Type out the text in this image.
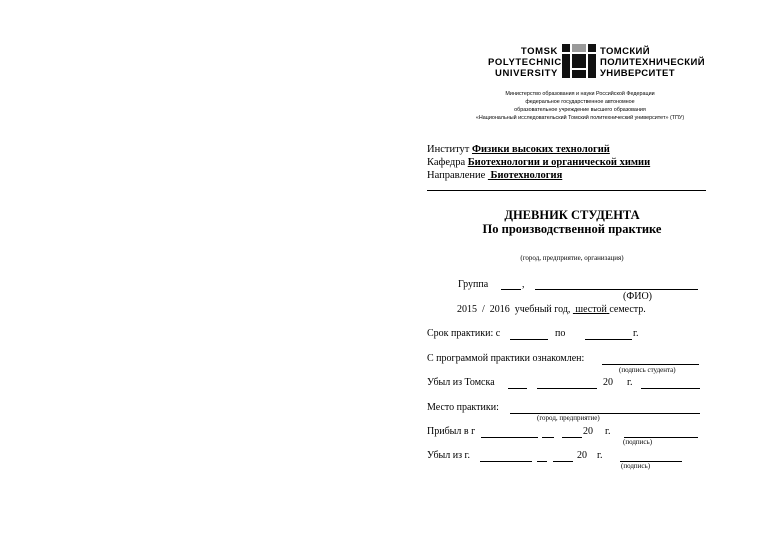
TOMSK
POLYTECHNIC
UNIVERSITY
ТОМСКИЙ
ПОЛИТЕХНИЧЕСКИЙ
УНИВЕРСИТЕТ
Министерство образования и науки Российской Федерации
федеральное государственное автономное
образовательное учреждение высшего образования
«Национальный исследовательский Томский политехнический университет» (ТПУ)
Институт Физики высоких технологий
Кафедра Биотехнологии и органической химии
Направление Биотехнология
ДНЕВНИК СТУДЕНТА
По производственной практике
(город, предприятие, организация)
Группа	,
(ФИО)
2015 / 2016 учебный год, шестой семестр.
Срок практики: с	по	г.
С программой практики ознакомлен:
(подпись студента)
Убыл из Томска	20 г.
Место практики:
(город, предприятие)
Прибыл в г	20 г.
(подпись)
Убыл из г.	20 г.
(подпись)
